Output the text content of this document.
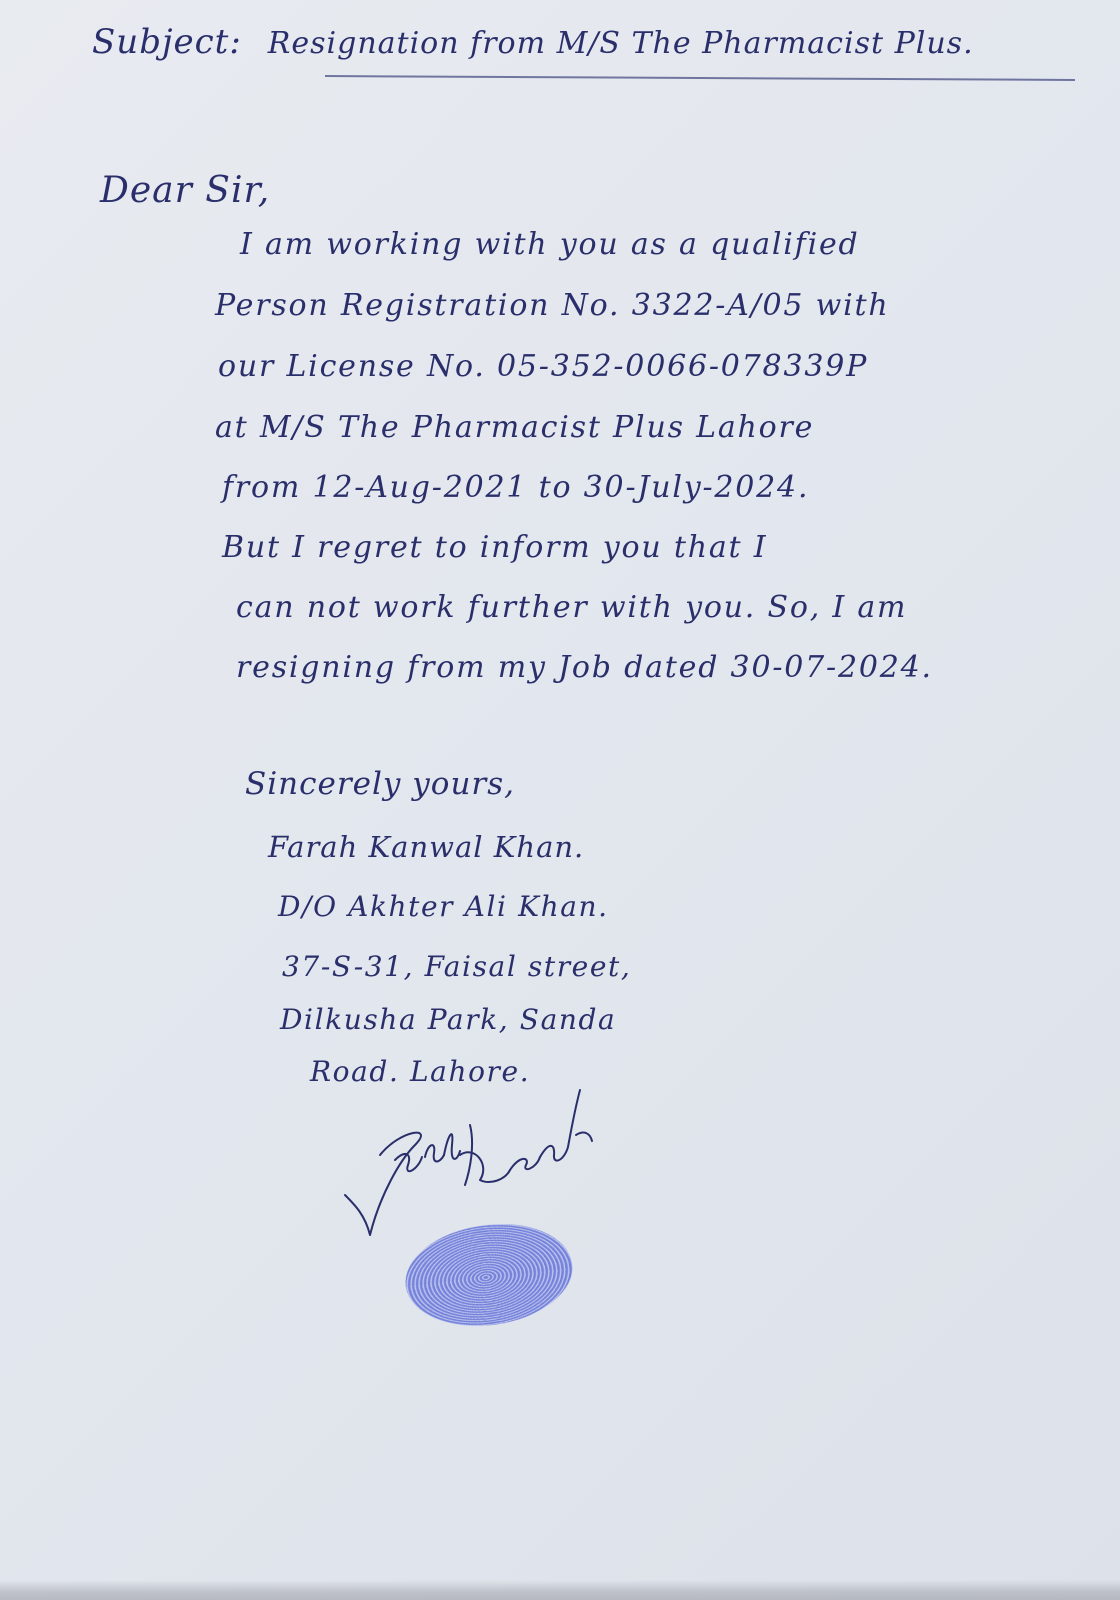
Subject: Resignation from M/S The Pharmacist Plus.
Dear Sir,
I am working with you as a qualified
Person Registration No. 3322-A/05 with
our License No. 05-352-0066-078339P
at M/S The Pharmacist Plus Lahore
from 12-Aug-2021 to 30-July-2024.
But I regret to inform you that I
can not work further with you. So, I am
resigning from my Job dated 30-07-2024.
Sincerely yours,
Farah Kanwal Khan.
D/O Akhter Ali Khan.
37-S-31, Faisal street,
Dilkusha Park, Sanda
Road. Lahore.
